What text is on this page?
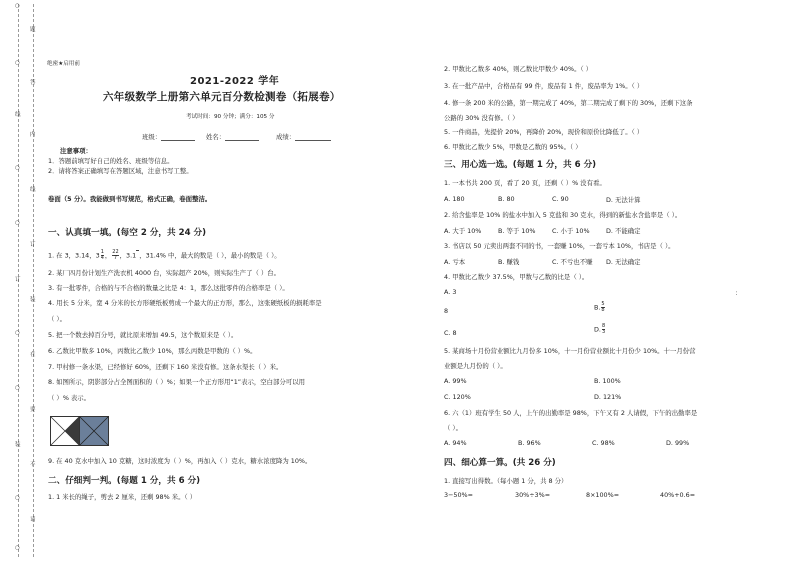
○
○
线
○
○
订
○
○
装
○
○
题
答
内
线
订
装
在
要
不
请
绝密★启用前
2021-2022 学年
六年级数学上册第六单元百分数检测卷（拓展卷）
考试时间：90 分钟；满分：105 分
班级：	姓名：	成绩：
注意事项：
1．答题前填写好自己的姓名、班级等信息。
2．请将答案正确填写在答题区域，注意书写工整。
卷面（5 分）。我能做到书写规范，格式正确，卷面整洁。
一、认真填一填。(每空 2 分，共 24 分)
1. 在 3，3.14，$3 \frac{1}{4}$ ， $\frac{22}{7}$ ，3.1 ，31.4% 中，最大的数是（ ），最小的数是（ ）。
2. 某厂四月份计划生产洗衣机 4000 台，实际超产 20%，则实际生产了（ ）台。
3. 有一批零件，合格的与不合格的数量之比是 4：1，那么这批零件的合格率是（ ）。
4. 用长 5 分米，宽 4 分米的长方形硬纸板剪成一个最大的正方形，那么，这张硬纸板的损耗率是
（ ）。
5. 把一个数去掉百分号，就比原来增加 49.5，这个数原来是（ ）。
6. 乙数比甲数多 10%，丙数比乙数少 10%，那么丙数是甲数的（ ）%。
7. 甲村修一条水渠，已经修好 60%，还剩下 160 米没有修。这条水渠长（ ）米。
8. 如图所示，阴影部分占全图面积的（ ）%；如果一个正方形用“1”表示，空白部分可以用
（ ）% 表示。
9. 在 40 克水中加入 10 克糖，这时浓度为（ ）%，再加入（ ）克水，糖水浓度降为 10%。
二、仔细判一判。(每题 1 分，共 6 分)
1. 1 米长的绳子，剪去 2 厘米，还剩 98% 米。（ ）
2. 甲数比乙数多 40%，则乙数比甲数少 40%。（ ）
3. 在一批产品中，合格品有 99 件，废品有 1 件，废品率为 1%。（ ）
4. 修一条 200 米的公路，第一期完成了 40%，第二期完成了剩下的 30%，还剩下这条
公路的 30% 没有修。（ ）
5. 一件商品，先提价 20%，再降价 20%，现价和原价比降低了。（ ）
6. 甲数比乙数少 5%，甲数是乙数的 95%。（ ）
三、用心选一选。(每题 1 分，共 6 分)
1. 一本书共 200 页，看了 20 页，还剩（ ）% 没有看。
A. 180	B. 80	C. 90	D. 无法计算
2. 给含盐率是 10% 的盐水中加入 5 克盐和 30 克水，得到的新盐水含盐率是（ ）。
A. 大于 10%	B. 等于 10%	C. 小于 10%	D. 不能确定
3. 书店以 50 元卖出两套不同的书，一套赚 10%，一套亏本 10%，书店是（ ）。
A. 亏本	B. 赚钱	C. 不亏也不赚 D. 无法确定
4. 甲数比乙数少 37.5%，甲数与乙数的比是（ ）。
A. 3	：
8	B. $\frac{5}{8}$
C. 8	D. $\frac{8}{3}$
5. 某商场十月份营业额比九月份多 10%，十一月份营业额比十月份少 10%。十一月份营
业额是九月份的（ ）。
A. 99%	B. 100%
C. 120%	D. 121%
6. 六（1）班有学生 50 人，上午的出勤率是 98%，下午又有 2 人请假，下午的出勤率是
（ ）。
A. 94%	B. 96%	C. 98%	D. 99%
四、细心算一算。(共 26 分)
1. 直接写出得数。（每小题 1 分，共 8 分）
3−50%=	30%÷3%=	8×100%=	40%+0.6=
